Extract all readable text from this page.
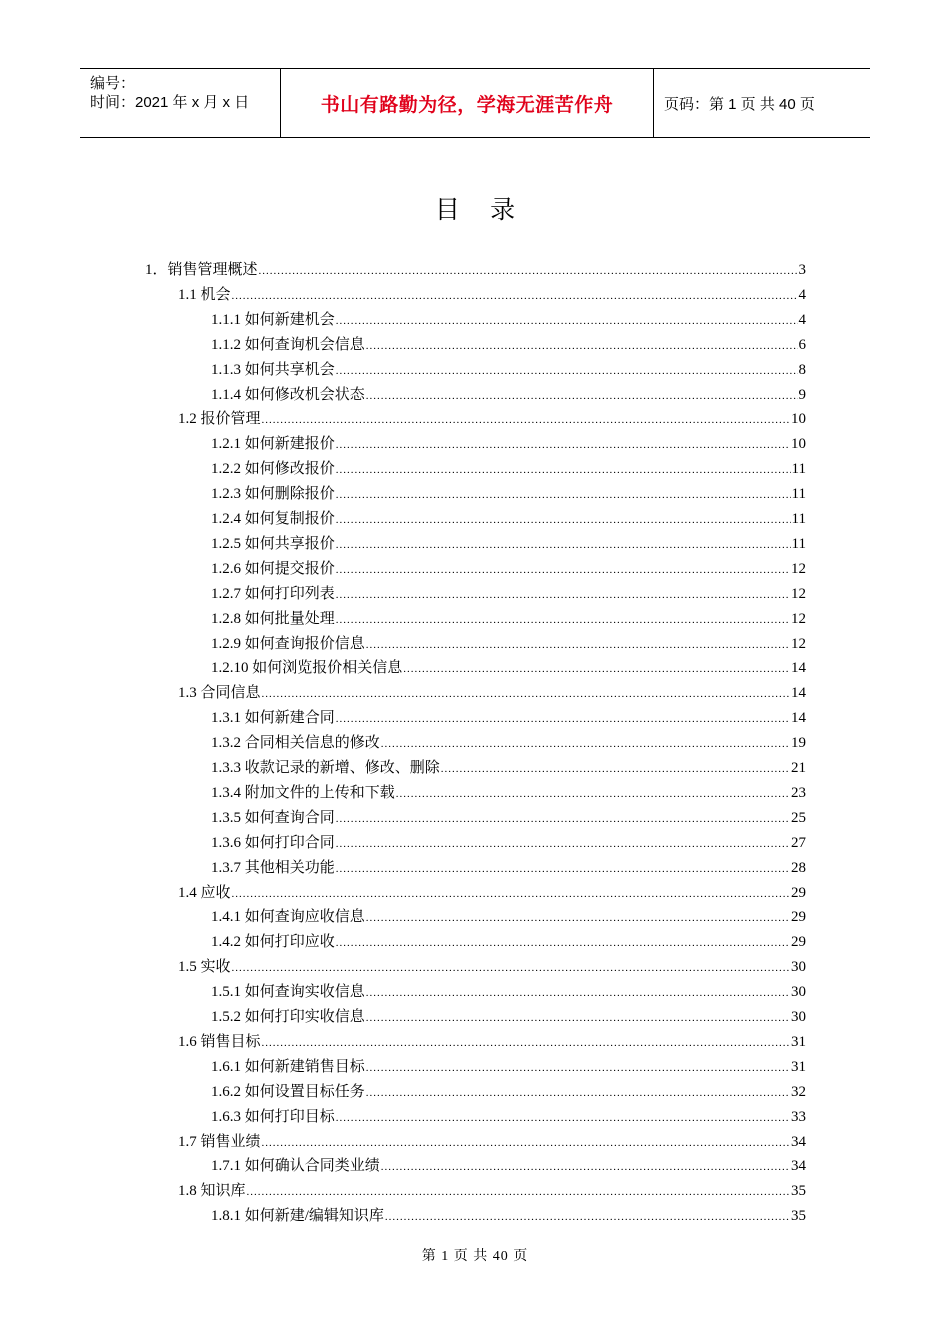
编号：
时间：2021 年 x 月 x 日	书山有路勤为径，学海无涯苦作舟	页码：第 1 页 共 40 页
目 录
1．销售管理概述 .....	3
1.1 机会 .....	4
1.1.1 如何新建机会 .....	4
1.1.2 如何查询机会信息 .....	6
1.1.3 如何共享机会 .....	8
1.1.4 如何修改机会状态 .....	9
1.2 报价管理 .....	10
1.2.1 如何新建报价 .....	10
1.2.2 如何修改报价 .....	11
1.2.3 如何删除报价 .....	11
1.2.4 如何复制报价 .....	11
1.2.5 如何共享报价 .....	11
1.2.6 如何提交报价 .....	12
1.2.7 如何打印列表 .....	12
1.2.8 如何批量处理 .....	12
1.2.9 如何查询报价信息 .....	12
1.2.10 如何浏览报价相关信息 .....	14
1.3 合同信息 .....	14
1.3.1 如何新建合同 .....	14
1.3.2 合同相关信息的修改 .....	19
1.3.3 收款记录的新增、修改、删除 .....	21
1.3.4 附加文件的上传和下载 .....	23
1.3.5 如何查询合同 .....	25
1.3.6 如何打印合同 .....	27
1.3.7 其他相关功能 .....	28
1.4 应收 .....	29
1.4.1 如何查询应收信息 .....	29
1.4.2 如何打印应收 .....	29
1.5 实收 .....	30
1.5.1 如何查询实收信息 .....	30
1.5.2 如何打印实收信息 .....	30
1.6 销售目标 .....	31
1.6.1 如何新建销售目标 .....	31
1.6.2 如何设置目标任务 .....	32
1.6.3 如何打印目标 .....	33
1.7 销售业绩 .....	34
1.7.1 如何确认合同类业绩 .....	34
1.8 知识库 .....	35
1.8.1 如何新建/编辑知识库 .....	35
第 1 页 共 40 页
